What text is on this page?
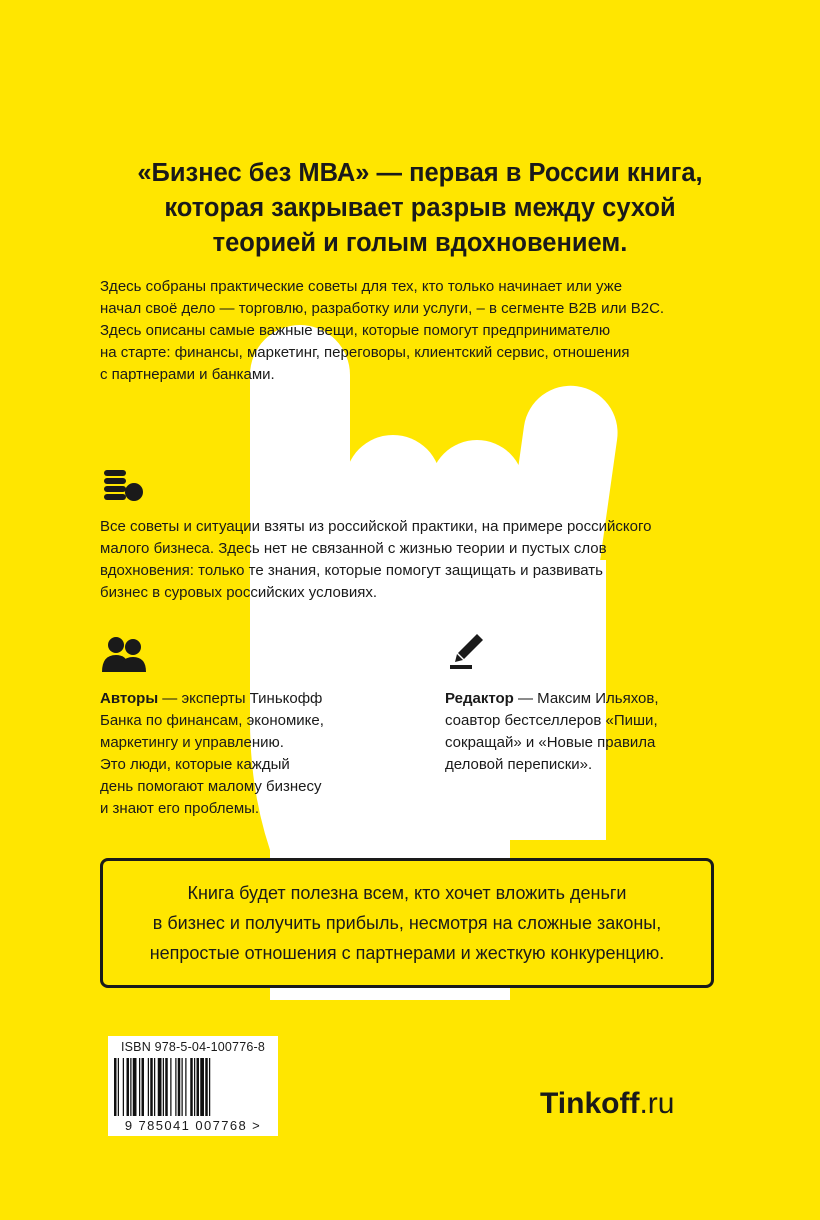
«Бизнес без МВА» — первая в России книга,
которая закрывает разрыв между сухой
теорией и голым вдохновением.

Здесь собраны практические советы для тех, кто только начинает или уже
начал своё дело — торговлю, разработку или услуги, – в сегменте B2B или B2C.
Здесь описаны самые важные вещи, которые помогут предпринимателю
на старте: финансы, маркетинг, переговоры, клиентский сервис, отношения
с партнерами и банками.

Все советы и ситуации взяты из российской практики, на примере российского
малого бизнеса. Здесь нет не связанной с жизнью теории и пустых слов
вдохновения: только те знания, которые помогут защищать и развивать
бизнес в суровых российских условиях.

Авторы — эксперты Тинькофф
Банка по финансам, экономике,
маркетингу и управлению.
Это люди, которые каждый
день помогают малому бизнесу
и знают его проблемы.

Редактор — Максим Ильяхов,
соавтор бестселлеров «Пиши,
сокращай» и «Новые правила
деловой переписки».

Книга будет полезна всем, кто хочет вложить деньги
в бизнес и получить прибыль, несмотря на сложные законы,
непростые отношения с партнерами и жесткую конкуренцию.

ISBN 978-5-04-100776-8
9 785041 007768 >
Tinkoff.ru
